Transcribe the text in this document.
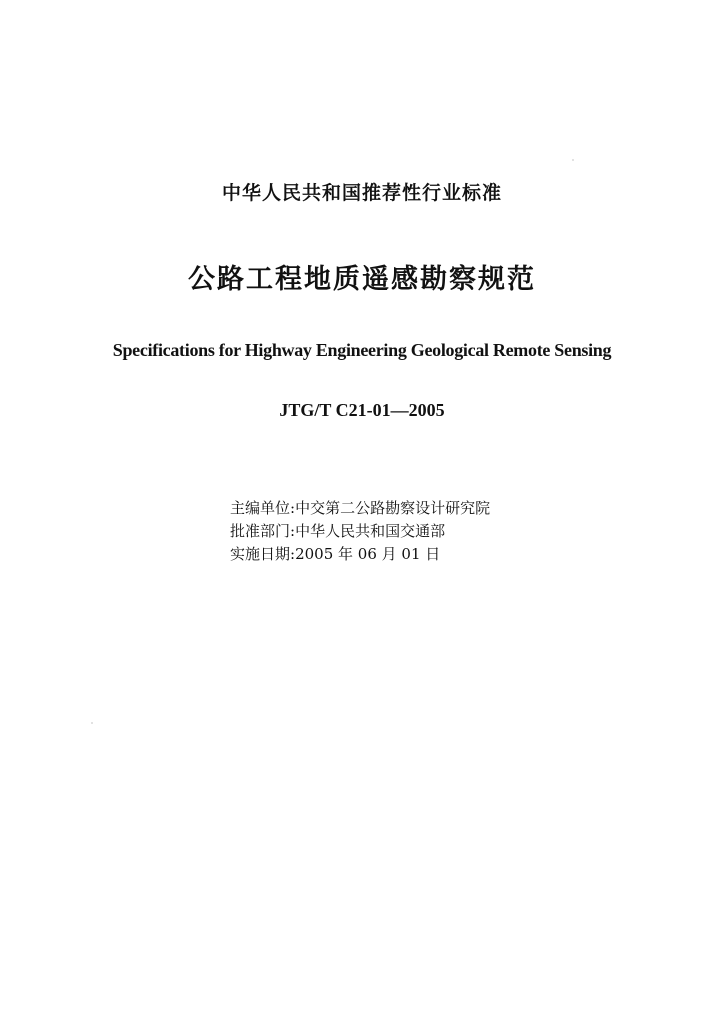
中华人民共和国推荐性行业标准
公路工程地质遥感勘察规范
Specifications for Highway Engineering Geological Remote Sensing
JTG/T C21-01—2005
主编单位:中交第二公路勘察设计研究院
批准部门:中华人民共和国交通部
实施日期:2005 年 06 月 01 日
